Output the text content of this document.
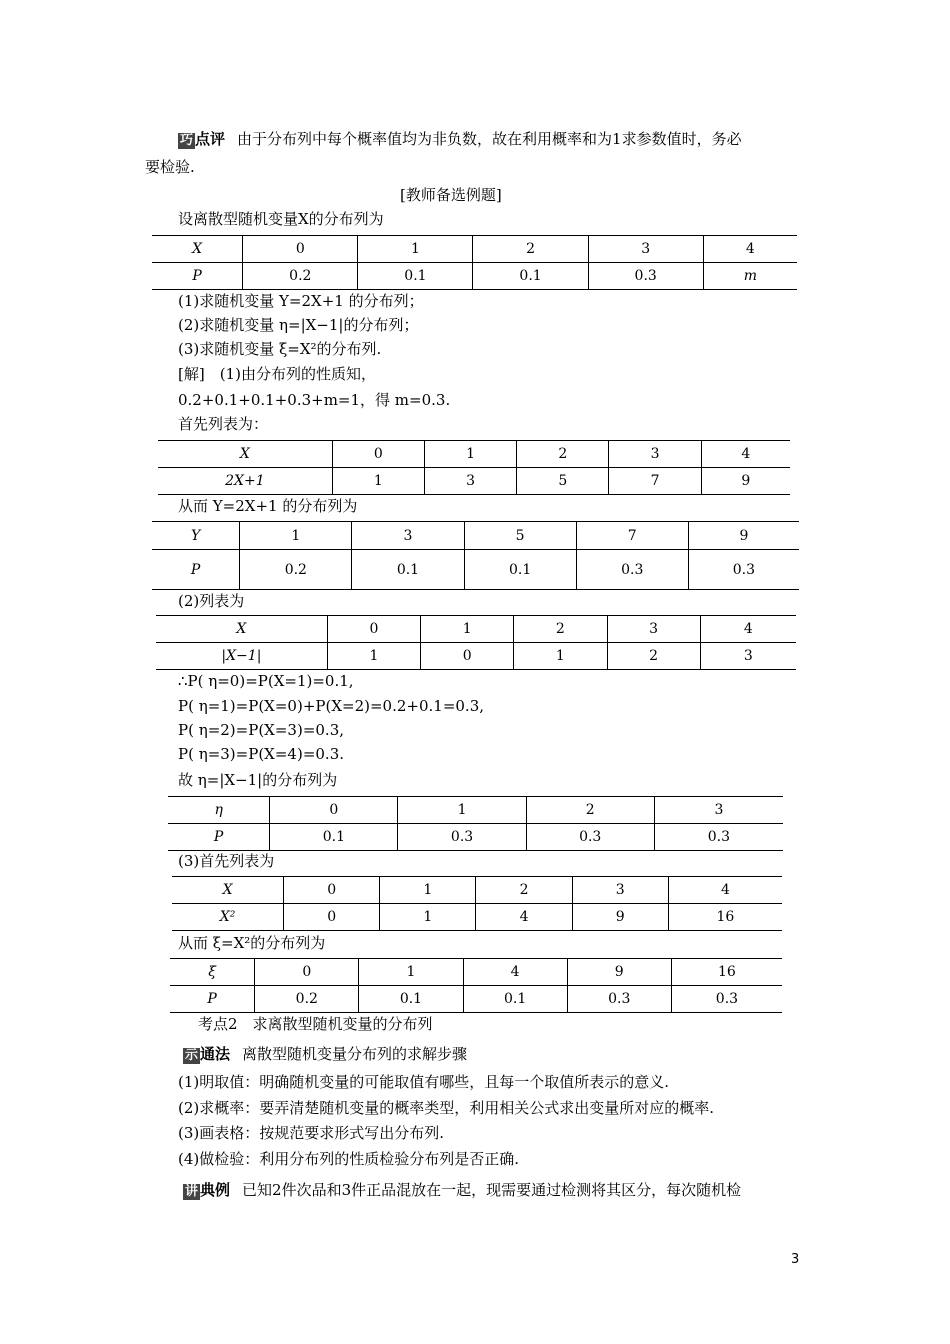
巧 点评 由于分布列中每个概率值均为非负数，故在利用概率和为1求参数值时，务必
要检验.
[教师备选例题]
设离散型随机变量X的分布列为
X	0	1	2	3	4
P	0.2	0.1	0.1	0.3	m
(1)求随机变量 Y=2X+1 的分布列；
(2)求随机变量 η=|X−1|的分布列；
(3)求随机变量 ξ=X²的分布列.
[解]　(1)由分布列的性质知，
0.2+0.1+0.1+0.3+m=1，得 m=0.3.
首先列表为：
X	0	1	2	3	4
2X+1	1	3	5	7	9
从而 Y=2X+1 的分布列为
Y	1	3	5	7	9
P	0.2	0.1	0.1	0.3	0.3
(2)列表为
X	0	1	2	3	4
|X−1|	1	0	1	2	3
∴P( η=0)=P(X=1)=0.1,
P( η=1)=P(X=0)+P(X=2)=0.2+0.1=0.3,
P( η=2)=P(X=3)=0.3,
P( η=3)=P(X=4)=0.3.
故 η=|X−1|的分布列为
η	0	1	2	3
P	0.1	0.3	0.3	0.3
(3)首先列表为
X	0	1	2	3	4
X²	0	1	4	9	16
从而 ξ=X²的分布列为
ξ	0	1	4	9	16
P	0.2	0.1	0.1	0.3	0.3
考点2　求离散型随机变量的分布列
示 通法 离散型随机变量分布列的求解步骤
(1)明取值：明确随机变量的可能取值有哪些，且每一个取值所表示的意义.
(2)求概率：要弄清楚随机变量的概率类型，利用相关公式求出变量所对应的概率.
(3)画表格：按规范要求形式写出分布列.
(4)做检验：利用分布列的性质检验分布列是否正确.
讲 典例 已知2件次品和3件正品混放在一起，现需要通过检测将其区分，每次随机检
3
